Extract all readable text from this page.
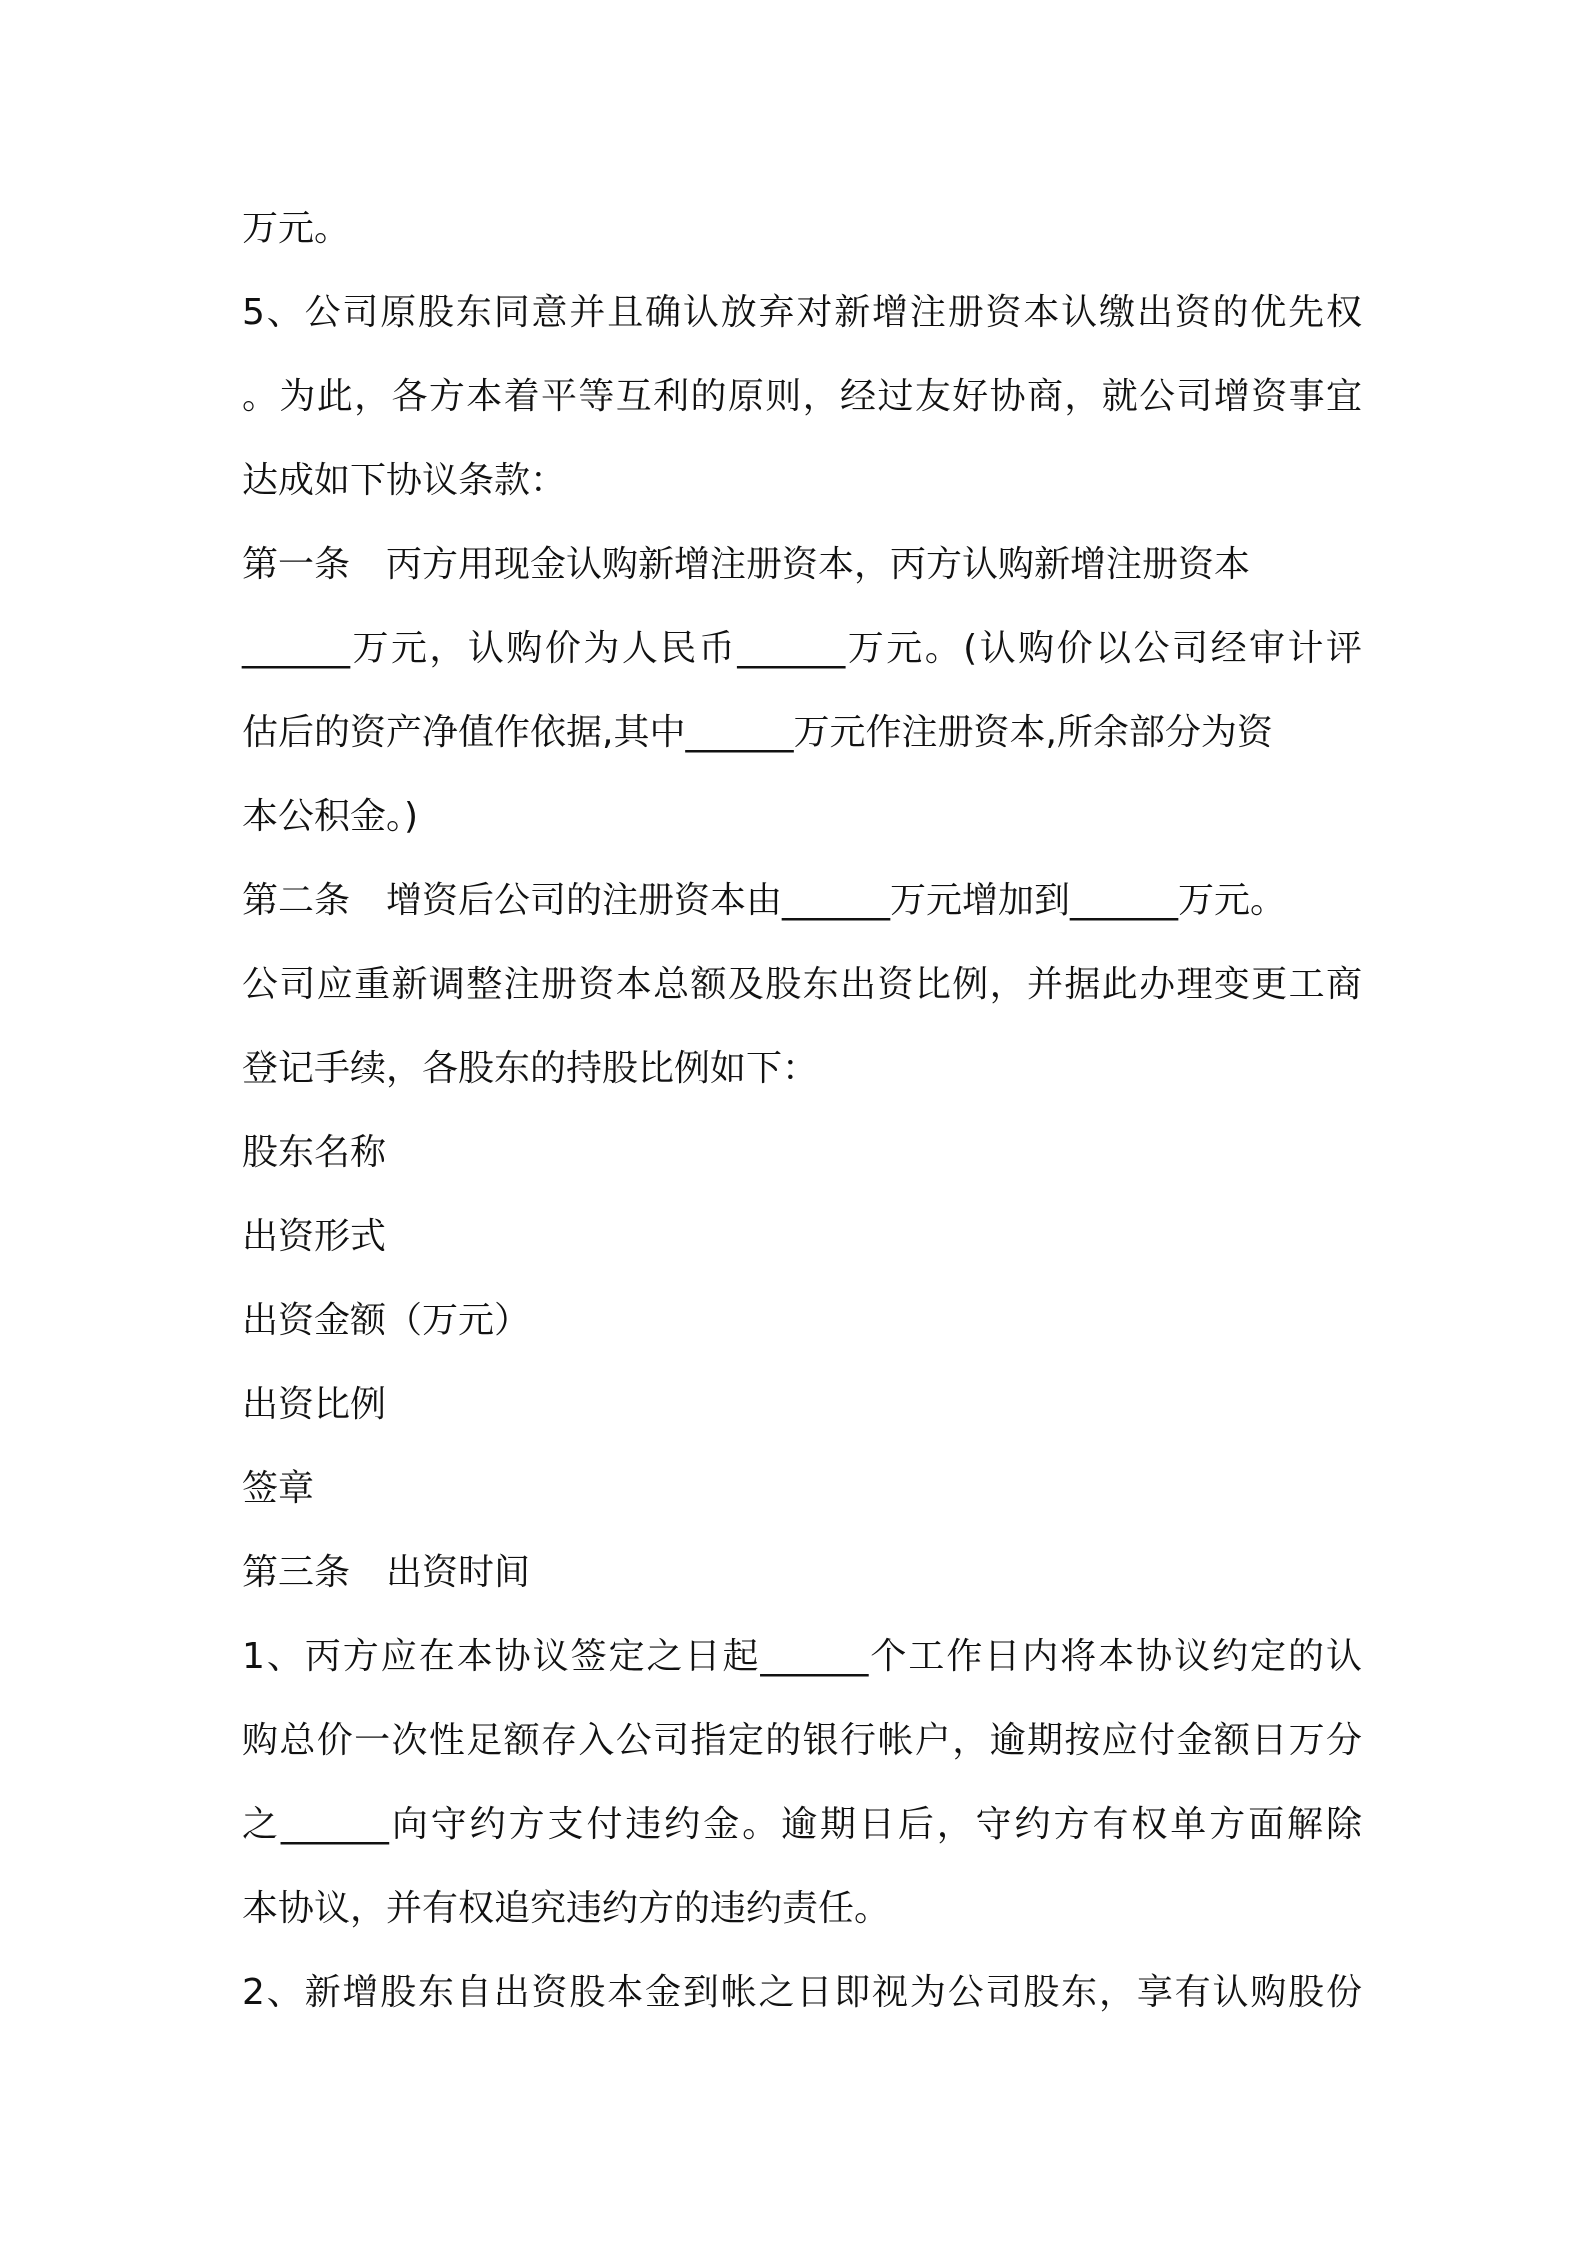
万元。
5、公司原股东同意并且确认放弃对新增注册资本认缴出资的优先权
。为此，各方本着平等互利的原则，经过友好协商，就公司增资事宜
达成如下协议条款：
第一条　丙方用现金认购新增注册资本，丙方认购新增注册资本
______万元，认购价为人民币______万元。(认购价以公司经审计评
估后的资产净值作依据,其中______万元作注册资本,所余部分为资
本公积金。)
第二条　增资后公司的注册资本由______万元增加到______万元。
公司应重新调整注册资本总额及股东出资比例，并据此办理变更工商
登记手续，各股东的持股比例如下：
股东名称
出资形式
出资金额（万元）
出资比例
签章
第三条　出资时间
1、丙方应在本协议签定之日起______个工作日内将本协议约定的认
购总价一次性足额存入公司指定的银行帐户，逾期按应付金额日万分
之______向守约方支付违约金。逾期日后，守约方有权单方面解除
本协议，并有权追究违约方的违约责任。
2、新增股东自出资股本金到帐之日即视为公司股东，享有认购股份
